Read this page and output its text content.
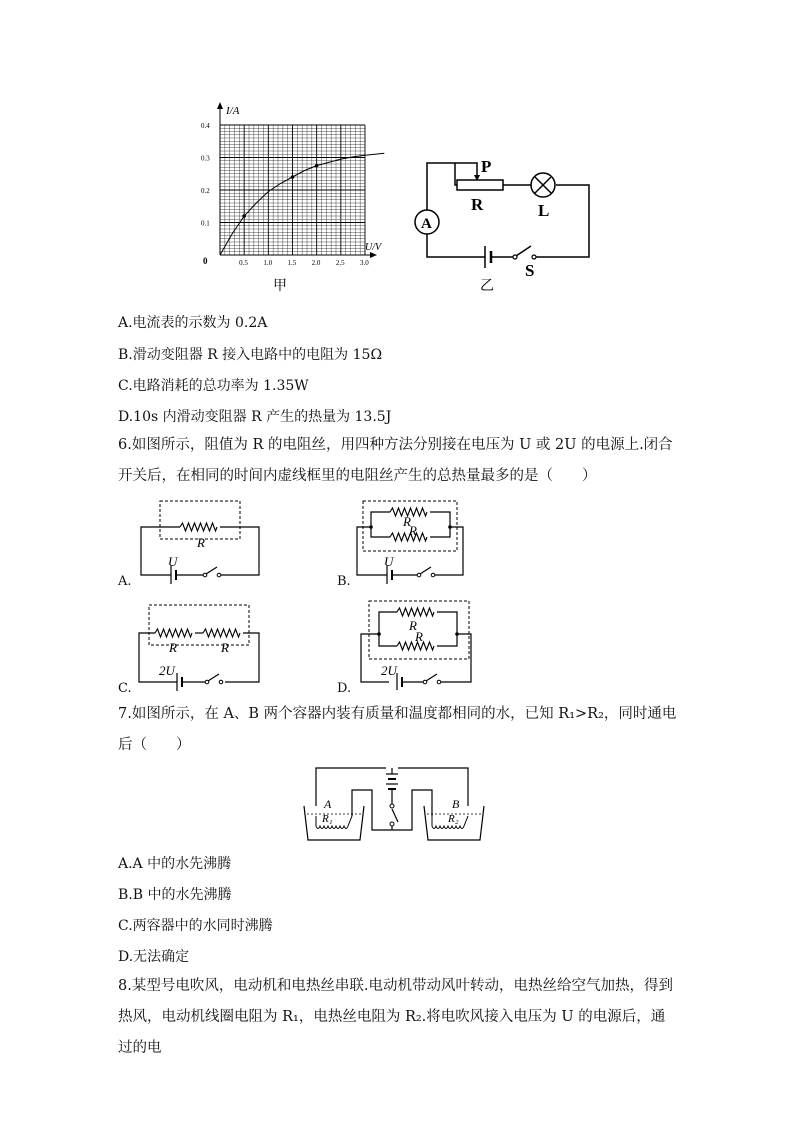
I/A
U/V
0
0.1
0.2
0.3
0.4
0.5 1.0 1.5 2.0 2.5 3.0
甲
P
R	L
A
S
乙
A.电流表的示数为 0.2A
B.滑动变阻器 R 接入电路中的电阻为 15Ω
C.电路消耗的总功率为 1.35W
D.10s 内滑动变阻器 R 产生的热量为 13.5J
6.如图所示，阻值为 R 的电阻丝，用四种方法分别接在电压为 U 或 2U 的电源上.闭合开关后，在相同的时间内虚线框里的电阻丝产生的总热量最多的是（　　）
R
U
A.
R
R
U
B.
R	R
2U
C.
R
R
2U
D.
7.如图所示，在 A、B 两个容器内装有质量和温度都相同的水，已知 R₁>R₂，同时通电后（　　）
A
R₁
B
R₂
A.A 中的水先沸腾
B.B 中的水先沸腾
C.两容器中的水同时沸腾
D.无法确定
8.某型号电吹风，电动机和电热丝串联.电动机带动风叶转动，电热丝给空气加热，得到热风，电动机线圈电阻为 R₁，电热丝电阻为 R₂.将电吹风接入电压为 U 的电源后，通过的电
